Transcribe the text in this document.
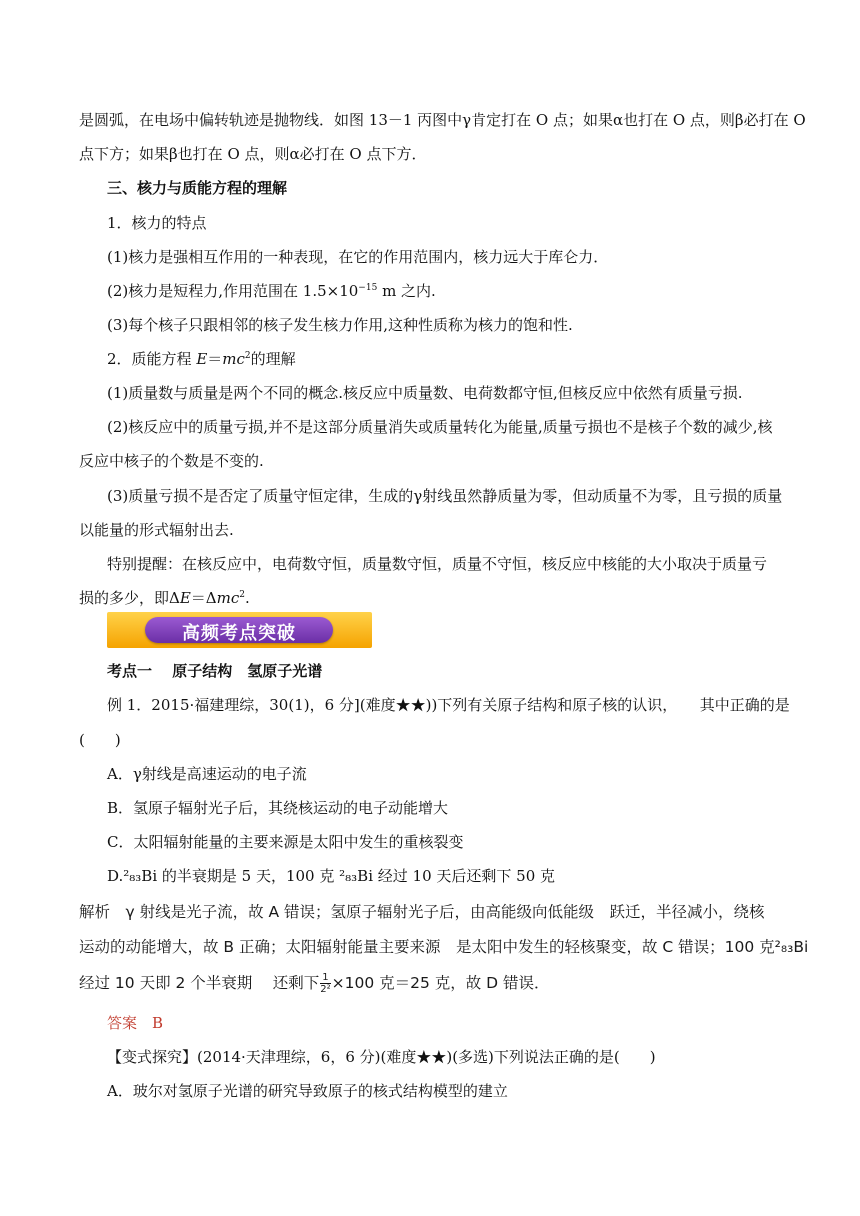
是圆弧，在电场中偏转轨迹是抛物线．如图 13－1 丙图中γ肯定打在 O 点；如果α也打在 O 点，则β必打在 O
点下方；如果β也打在 O 点，则α必打在 O 点下方．
三、核力与质能方程的理解
1．核力的特点
(1)核力是强相互作用的一种表现，在它的作用范围内，核力远大于库仑力．
(2)核力是短程力,作用范围在 $1.5\times 10^{-15}$ m 之内.
(3)每个核子只跟相邻的核子发生核力作用,这种性质称为核力的饱和性.
2．质能方程 $E=mc^2$的理解
(1)质量数与质量是两个不同的概念.核反应中质量数、电荷数都守恒,但核反应中依然有质量亏损.
(2)核反应中的质量亏损,并不是这部分质量消失或质量转化为能量,质量亏损也不是核子个数的减少,核
反应中核子的个数是不变的.
(3)质量亏损不是否定了质量守恒定律，生成的γ射线虽然静质量为零，但动质量不为零，且亏损的质量
以能量的形式辐射出去.
特别提醒：在核反应中，电荷数守恒，质量数守恒，质量不守恒，核反应中核能的大小取决于质量亏
损的多少，即ΔE＝Δmc$^2$.
高频考点突破
考点一　 原子结构　氢原子光谱
例 1．2015·福建理综，30(1)，6 分](难度★★))下列有关原子结构和原子核的认识，　　其中正确的是
(　　)
A．γ射线是高速运动的电子流
B．氢原子辐射光子后，其绕核运动的电子动能增大
C．太阳辐射能量的主要来源是太阳中发生的重核裂变
D.²₈₃Bi 的半衰期是 5 天，100 克 ²₈₃Bi 经过 10 天后还剩下 50 克
解析　γ 射线是光子流，故 A 错误；氢原子辐射光子后，由高能级向低能级　跃迁，半径减小，绕核
运动的动能增大，故 B 正确；太阳辐射能量主要来源　是太阳中发生的轻核聚变，故 C 错误；100 克²₈₃Bi
经过 10 天即 2 个半衰期　 还剩下 $\frac{1}{\text{2²}} \times 100$ 克＝25 克，故 D 错误．
答案　B
【变式探究】(2014·天津理综，6，6 分)(难度★★)(多选)下列说法正确的是(　　)
A．玻尔对氢原子光谱的研究导致原子的核式结构模型的建立
